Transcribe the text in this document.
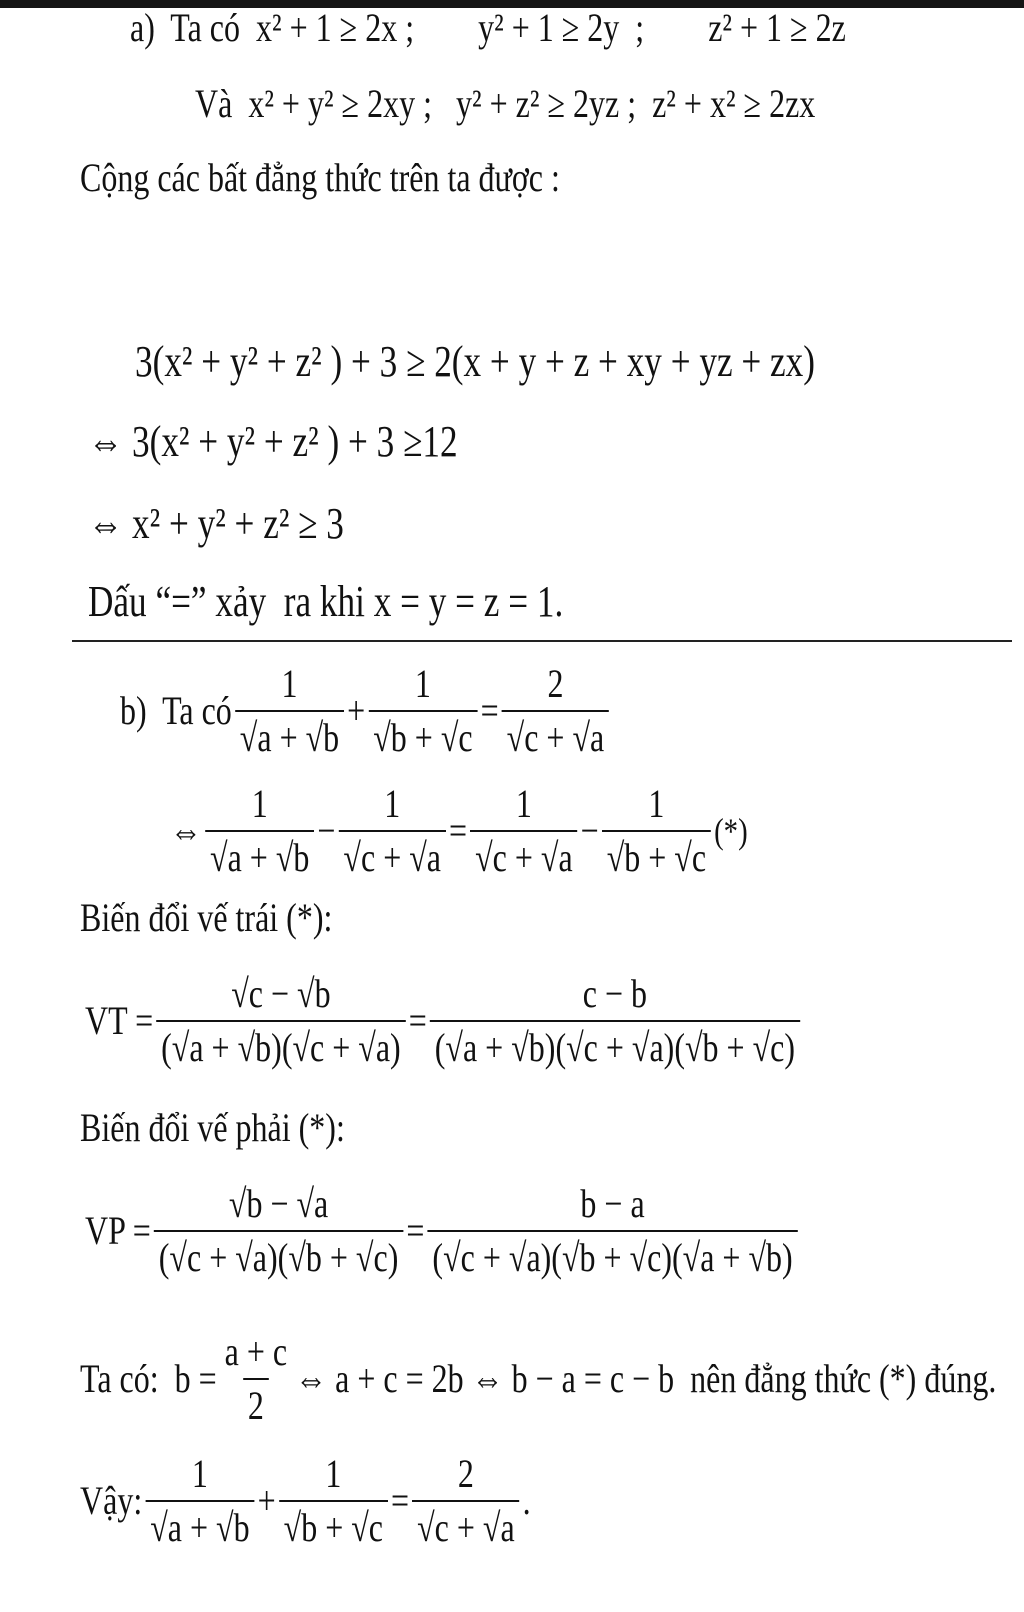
a)  Ta có  x² + 1 ≥ 2x ;        y² + 1 ≥ 2y  ;        z² + 1 ≥ 2z
Và  x² + y² ≥ 2xy ;   y² + z² ≥ 2yz ;  z² + x² ≥ 2zx
Cộng các bất đẳng thức trên ta được :
3(x² + y² + z² ) + 3 ≥ 2(x + y + z + xy + yz + zx)
⇔ 3(x² + y² + z² ) + 3 ≥12
⇔ x² + y² + z² ≥ 3
Dấu “=” xảy  ra khi x = y = z = 1.
b)  Ta có $\frac{1}{√a + √b} + \frac{1}{√b + √c} = \frac{2}{√c + √a}$
⇔ $\frac{1}{√a + √b} - \frac{1}{√c + √a} = \frac{1}{√c + √a} - \frac{1}{√b + √c}$ (*)
Biến đổi vế trái (*):
VT = $\frac{√c - √b}{(√a + √b)(√c + √a)} = \frac{c - b}{(√a + √b)(√c + √a)(√b + √c)}$
Biến đổi vế phải (*):
VP = $\frac{√b - √a}{(√c + √a)(√b + √c)} = \frac{b - a}{(√c + √a)(√b + √c)(√a + √b)}$
Ta có:  $b = \frac{a + c}{2}$ ⇔ a + c = 2b ⇔ b − a = c − b  nên đẳng thức (*) đúng.
Vậy: $\frac{1}{√a + √b} + \frac{1}{√b + √c} = \frac{2}{√c + √a}$ .
